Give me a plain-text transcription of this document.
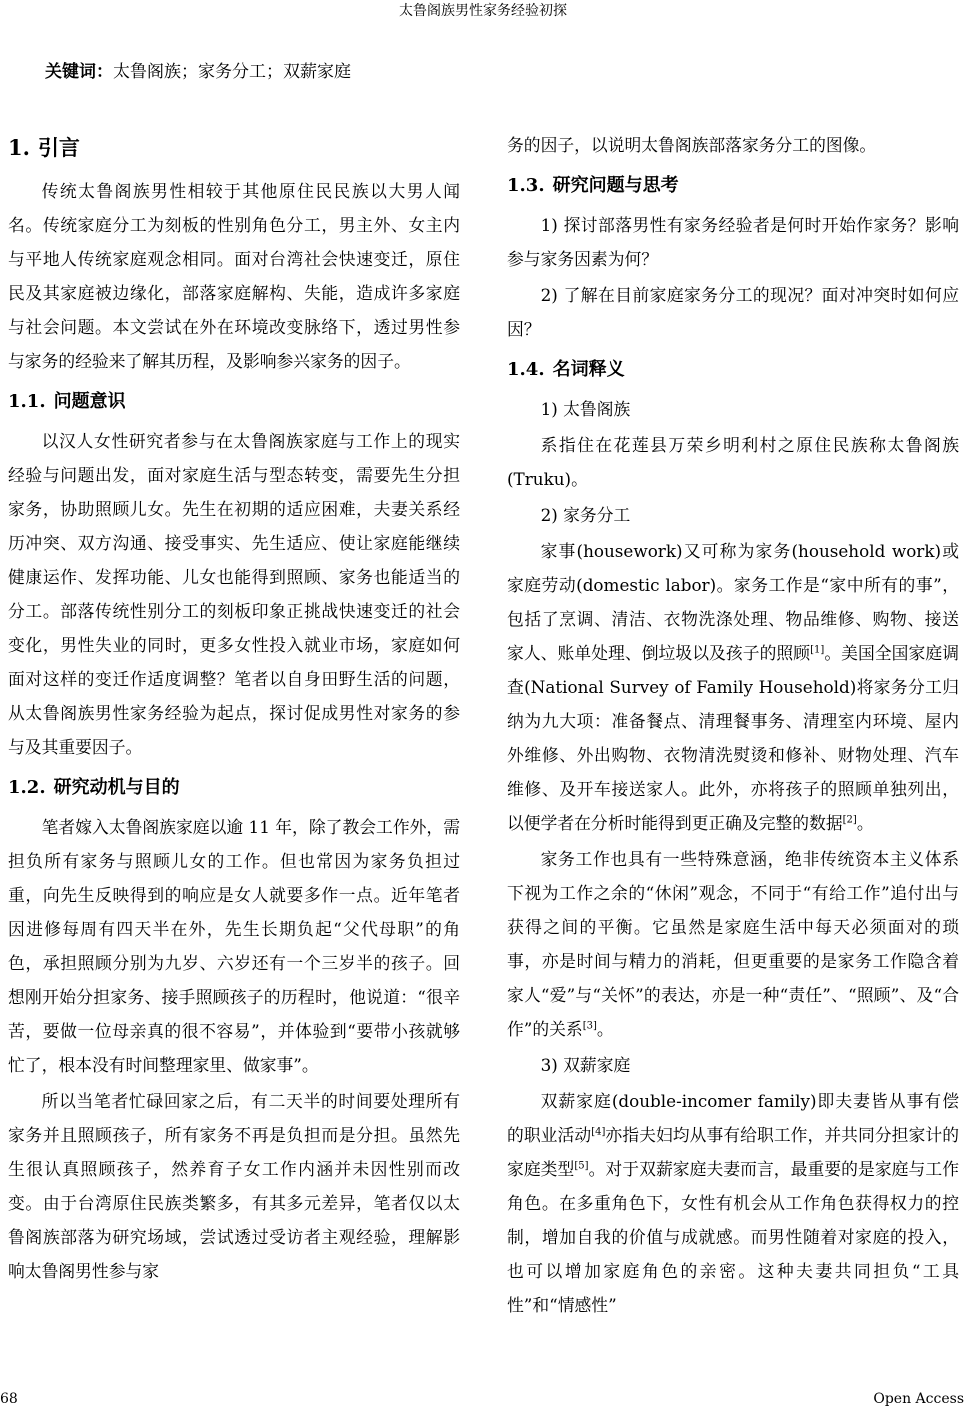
太鲁阁族男性家务经验初探
关键词：太鲁阁族；家务分工；双薪家庭
1. 引言

传统太鲁阁族男性相较于其他原住民民族以大男人闻名。传统家庭分工为刻板的性别角色分工，男主外、女主内与平地人传统家庭观念相同。面对台湾社会快速变迁，原住民及其家庭被边缘化，部落家庭解构、失能，造成许多家庭与社会问题。本文尝试在外在环境改变脉络下，透过男性参与家务的经验来了解其历程，及影响参兴家务的因子。

1.1. 问题意识

以汉人女性研究者参与在太鲁阁族家庭与工作上的现实经验与问题出发，面对家庭生活与型态转变，需要先生分担家务，协助照顾儿女。先生在初期的适应困难，夫妻关系经历冲突、双方沟通、接受事实、先生适应、使让家庭能继续健康运作、发挥功能、儿女也能得到照顾、家务也能适当的分工。部落传统性别分工的刻板印象正挑战快速变迁的社会变化，男性失业的同时，更多女性投入就业市场，家庭如何面对这样的变迁作适度调整？笔者以自身田野生活的问题，从太鲁阁族男性家务经验为起点，探讨促成男性对家务的参与及其重要因子。

1.2. 研究动机与目的

笔者嫁入太鲁阁族家庭以逾 11 年，除了教会工作外，需担负所有家务与照顾儿女的工作。但也常因为家务负担过重，向先生反映得到的响应是女人就要多作一点。近年笔者因进修每周有四天半在外，先生长期负起“父代母职”的角色，承担照顾分别为九岁、六岁还有一个三岁半的孩子。回想刚开始分担家务、接手照顾孩子的历程时，他说道：“很辛苦，要做一位母亲真的很不容易”，并体验到“要带小孩就够忙了，根本没有时间整理家里、做家事”。

所以当笔者忙碌回家之后，有二天半的时间要处理所有家务并且照顾孩子，所有家务不再是负担而是分担。虽然先生很认真照顾孩子，然养育子女工作内涵并未因性别而改变。由于台湾原住民族类繁多，有其多元差异，笔者仅以太鲁阁族部落为研究场域，尝试透过受访者主观经验，理解影响太鲁阁男性参与家

务的因子，以说明太鲁阁族部落家务分工的图像。

1.3. 研究问题与思考

1) 探讨部落男性有家务经验者是何时开始作家务？影响参与家务因素为何？

2) 了解在目前家庭家务分工的现况？面对冲突时如何应因？

1.4. 名词释义

1) 太鲁阁族

系指住在花莲县万荣乡明利村之原住民族称太鲁阁族(Truku)。

2) 家务分工

家事(housework)又可称为家务(household work)或家庭劳动(domestic labor)。家务工作是“家中所有的事”，包括了烹调、清洁、衣物洗涤处理、物品维修、购物、接送家人、账单处理、倒垃圾以及孩子的照顾[1]。美国全国家庭调查(National Survey of Family Household)将家务分工归纳为九大项：准备餐点、清理餐事务、清理室内环境、屋内外维修、外出购物、衣物清洗熨烫和修补、财物处理、汽车维修、及开车接送家人。此外，亦将孩子的照顾单独列出，以便学者在分析时能得到更正确及完整的数据[2]。

家务工作也具有一些特殊意涵，绝非传统资本主义体系下视为工作之余的“休闲”观念，不同于“有给工作”追付出与获得之间的平衡。它虽然是家庭生活中每天必须面对的琐事，亦是时间与精力的消耗，但更重要的是家务工作隐含着家人“爱”与“关怀”的表达，亦是一种“责任”、“照顾”、及“合作”的关系[3]。

3) 双薪家庭

双薪家庭(double-incomer family)即夫妻皆从事有偿的职业活动[4]亦指夫妇均从事有给职工作，并共同分担家计的家庭类型[5]。对于双薪家庭夫妻而言，最重要的是家庭与工作角色。在多重角色下，女性有机会从工作角色获得权力的控制，增加自我的价值与成就感。而男性随着对家庭的投入，也可以增加家庭角色的亲密。这种夫妻共同担负“工具性”和“情感性”

68	Open Access
